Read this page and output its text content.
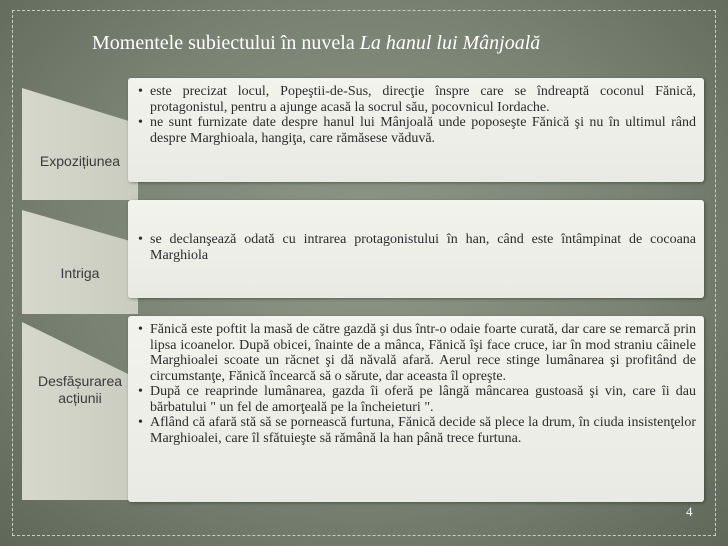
Momentele subiectului în nuvela La hanul lui Mânjoală
Expozițiunea
• este precizat locul, Popeştii-de-Sus, direcţie înspre care se îndreaptă coconul Fănică, protagonistul, pentru a ajunge acasă la socrul său, pocovnicul Iordache.
• ne sunt furnizate date despre hanul lui Mânjoală unde poposeşte Fănică şi nu în ultimul rând despre Marghioala, hangiţa, care rămăsese văduvă.
Intriga
• se declanşează odată cu intrarea protagonistului în han, când este întâmpinat de cocoana Marghiola
Desfășurarea acțiunii
• Fănică este poftit la masă de către gazdă şi dus într-o odaie foarte curată, dar care se remarcă prin lipsa icoanelor. După obicei, înainte de a mânca, Fănică îşi face cruce, iar în mod straniu câinele Marghioalei scoate un răcnet şi dă năvală afară. Aerul rece stinge lumânarea şi profitând de circumstanţe, Fănică încearcă să o sărute, dar aceasta îl opreşte.
• După ce reaprinde lumânarea, gazda îi oferă pe lângă mâncarea gustoasă şi vin, care îi dau bărbatului " un fel de amorţeală pe la încheieturi ".
• Aflând că afară stă să se pornească furtuna, Fănică decide să plece la drum, în ciuda insistenţelor Marghioalei, care îl sfătuieşte să rămână la han până trece furtuna.
4
